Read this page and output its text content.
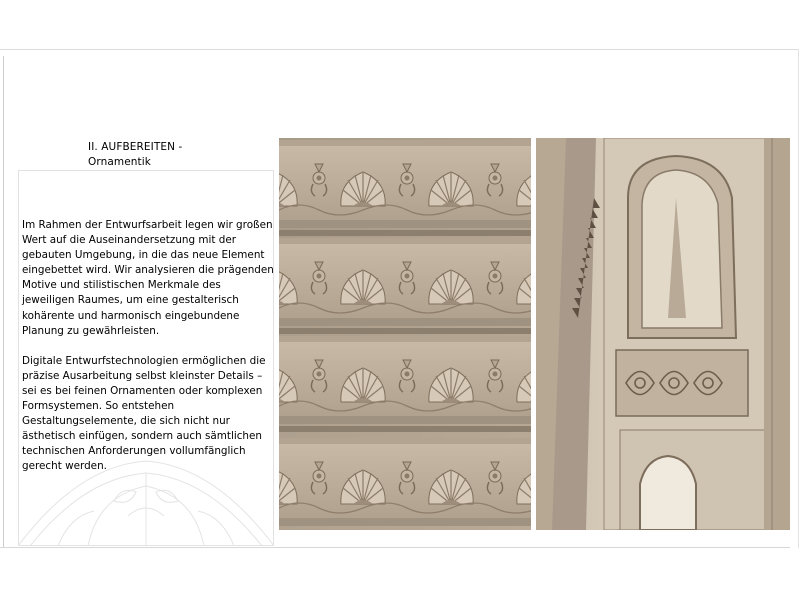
II. AUFBEREITEN -
Ornamentik

Im Rahmen der Entwurfsarbeit legen wir großen Wert auf die Auseinandersetzung mit der gebauten Umgebung, in die das neue Element eingebettet wird. Wir analysieren die prägenden Motive und stilistischen Merkmale des jeweiligen Raumes, um eine gestalterisch kohärente und harmonisch eingebundene Planung zu gewährleisten.

Digitale Entwurfstechnologien ermöglichen die präzise Ausarbeitung selbst kleinster Details – sei es bei feinen Ornamenten oder komplexen Formsystemen. So entstehen Gestaltungselemente, die sich nicht nur ästhetisch einfügen, sondern auch sämtlichen technischen Anforderungen vollumfänglich gerecht werden.
